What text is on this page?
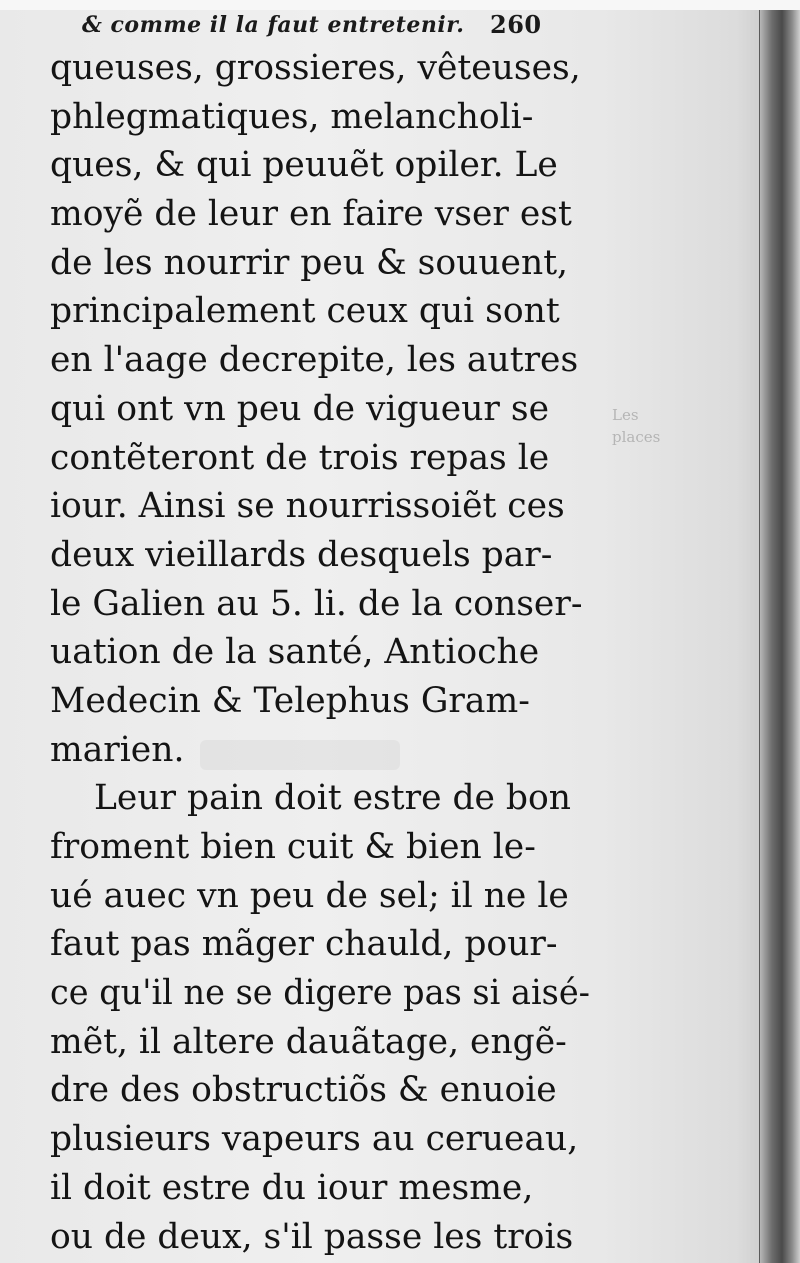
& comme il la faut entretenir. 260
Les
places
queuses, grossieres, vêteuses,
phlegmatiques, melancholi-
ques, & qui peuuẽt opiler. Le
moyẽ de leur en faire vser est
de les nourrir peu & souuent,
principalement ceux qui sont
en l'aage decrepite, les autres
qui ont vn peu de vigueur se
contẽteront de trois repas le
iour. Ainsi se nourrissoiẽt ces
deux vieillards desquels par-
le Galien au 5. li. de la conser-
uation de la santé, Antioche
Medecin & Telephus Gram-
marien.
Leur pain doit estre de bon
froment bien cuit & bien le-
ué auec vn peu de sel; il ne le
faut pas mãger chauld, pour-
ce qu'il ne se digere pas si aisé-
mẽt, il altere dauãtage, engẽ-
dre des obstructiõs & enuoie
plusieurs vapeurs au cerueau,
il doit estre du iour mesme,
ou de deux, s'il passe les trois
